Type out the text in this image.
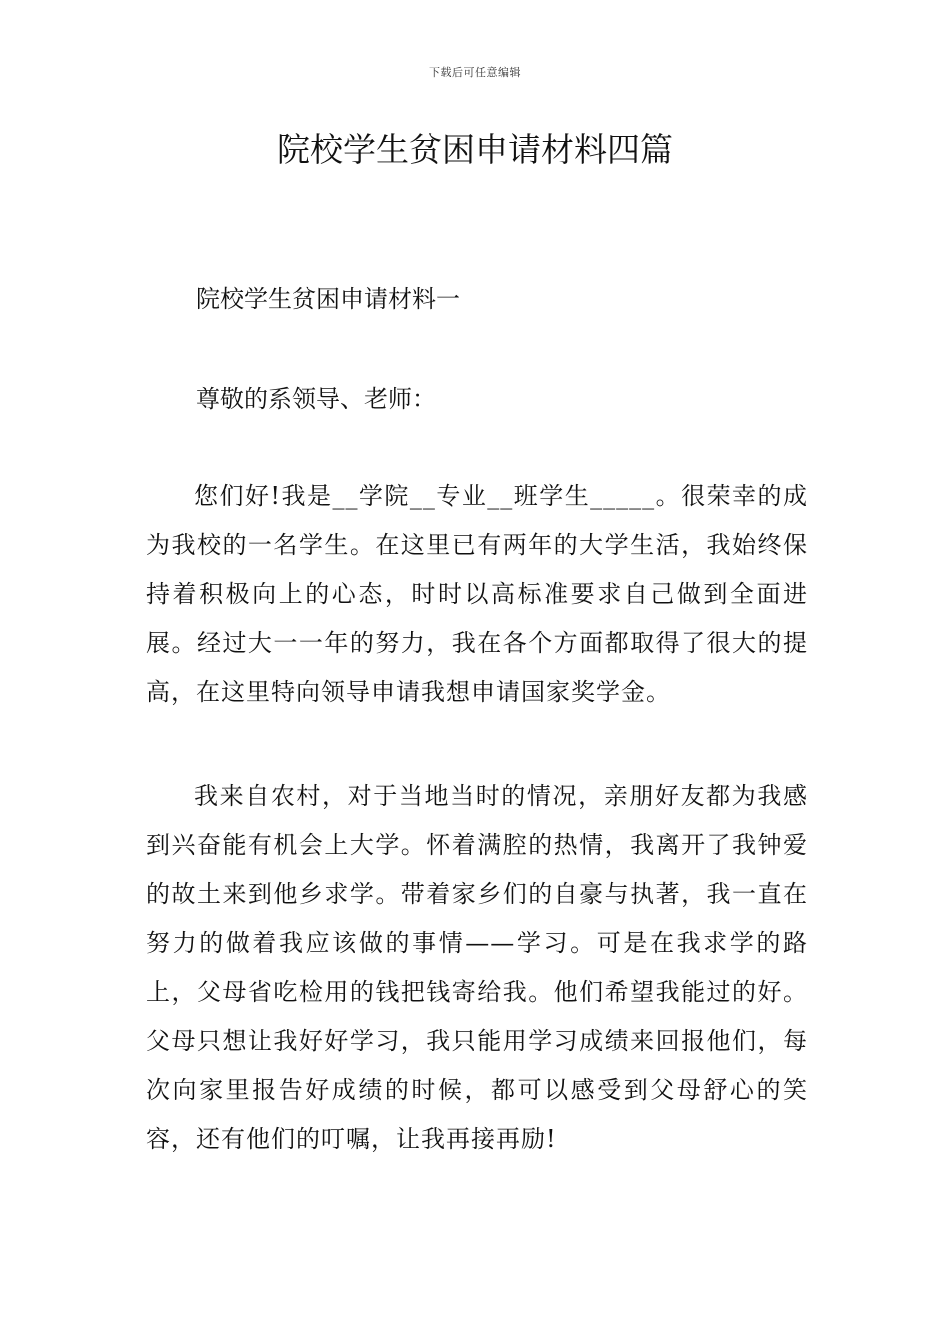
下载后可任意编辑
院校学生贫困申请材料四篇

院校学生贫困申请材料一

尊敬的系领导、老师：

您们好!我是__学院__专业__班学生_____。很荣幸的成为我校的一名学生。在这里已有两年的大学生活，我始终保持着积极向上的心态，时时以高标准要求自己做到全面进展。经过大一一年的努力，我在各个方面都取得了很大的提高，在这里特向领导申请我想申请国家奖学金。

我来自农村，对于当地当时的情况，亲朋好友都为我感到兴奋能有机会上大学。怀着满腔的热情，我离开了我钟爱的故土来到他乡求学。带着家乡们的自豪与执著，我一直在努力的做着我应该做的事情——学习。可是在我求学的路上，父母省吃检用的钱把钱寄给我。他们希望我能过的好。父母只想让我好好学习，我只能用学习成绩来回报他们，每次向家里报告好成绩的时候，都可以感受到父母舒心的笑容，还有他们的叮嘱，让我再接再励!
